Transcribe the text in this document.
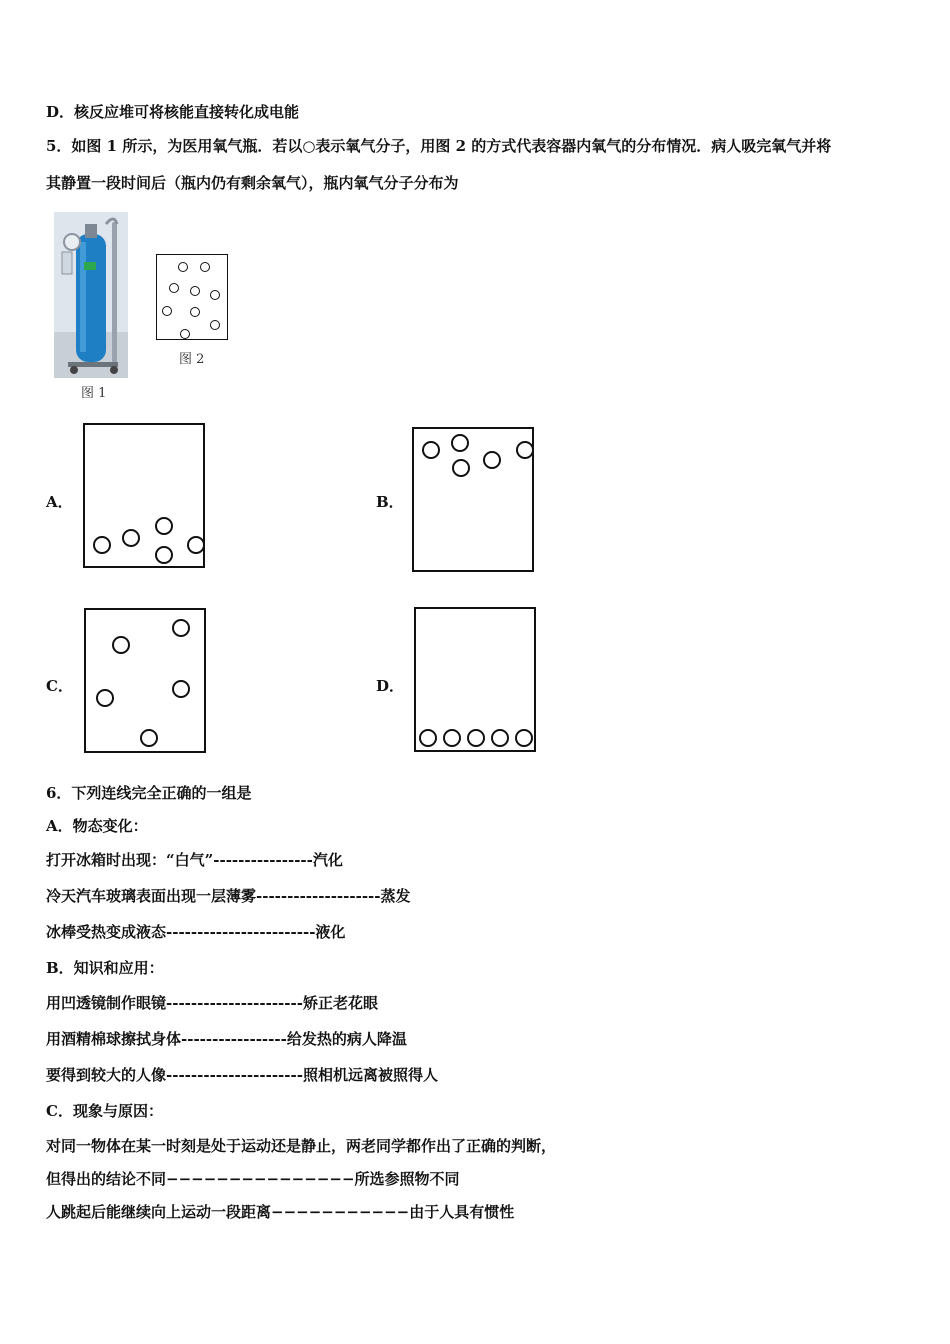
D．核反应堆可将核能直接转化成电能
5．如图 1 所示，为医用氧气瓶．若以○表示氧气分子，用图 2 的方式代表容器内氧气的分布情况．病人吸完氧气并将
其静置一段时间后（瓶内仍有剩余氧气），瓶内氧气分子分布为
图 1
图 2
A．	B．
C．	D．
6．下列连线完全正确的一组是
A．物态变化：
打开冰箱时出现：“白气”----------------汽化
冷天汽车玻璃表面出现一层薄雾--------------------蒸发
冰棒受热变成液态------------------------液化
B．知识和应用：
用凹透镜制作眼镜----------------------矫正老花眼
用酒精棉球擦拭身体-----------------给发热的病人降温
要得到较大的人像----------------------照相机远离被照得人
C．现象与原因：
对同一物体在某一时刻是处于运动还是静止，两老同学都作出了正确的判断，
但得出的结论不同−−−−−−−−−−−−−−−所选参照物不同
人跳起后能继续向上运动一段距离−−−−−−−−−−−由于人具有惯性
